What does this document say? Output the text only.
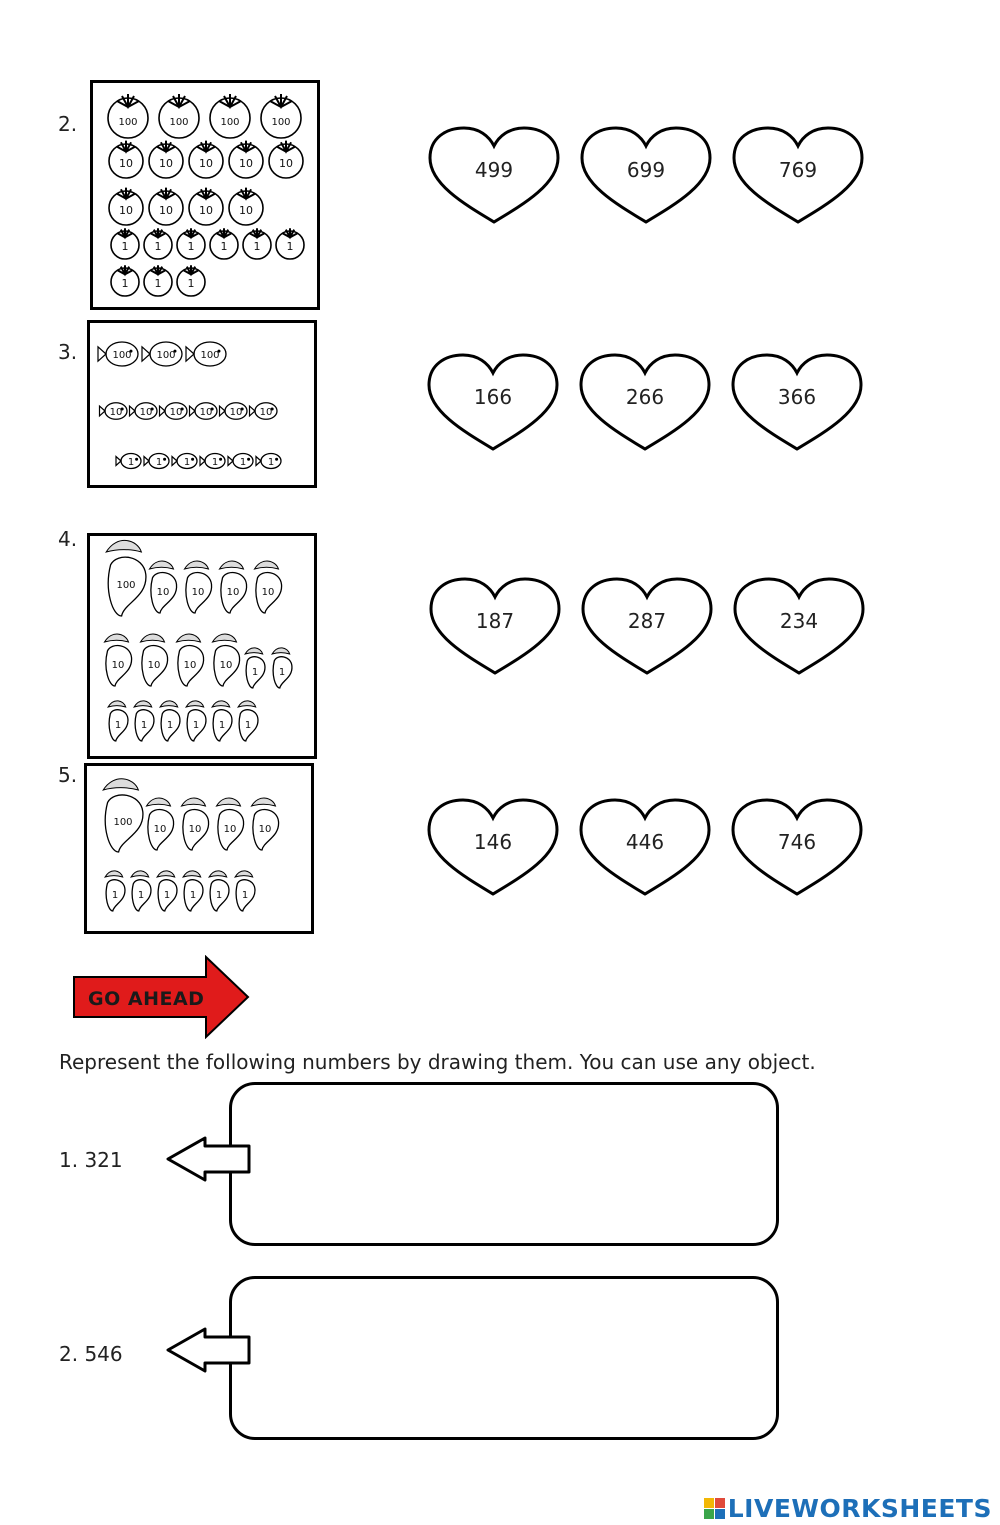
2.	100	100	100	100
10 10 10 10 10
10 10 10 10
1 1 1 1 1 1
1 1 1
499	699	769
3.	100 100 100
10 10 10 10 10 10
1 1 1 1 1 1
166	266	366
4.
100
10 10 10 10
10 10 10 10
1 1
1 1 1 1 1 1
187	287	234
5.
100
10 10 10 10
1 1 1 1 1 1
146	446	746
GO AHEAD
Represent the following numbers by drawing them. You can use any object.
1. 321
2. 546
LIVEWORKSHEETS
